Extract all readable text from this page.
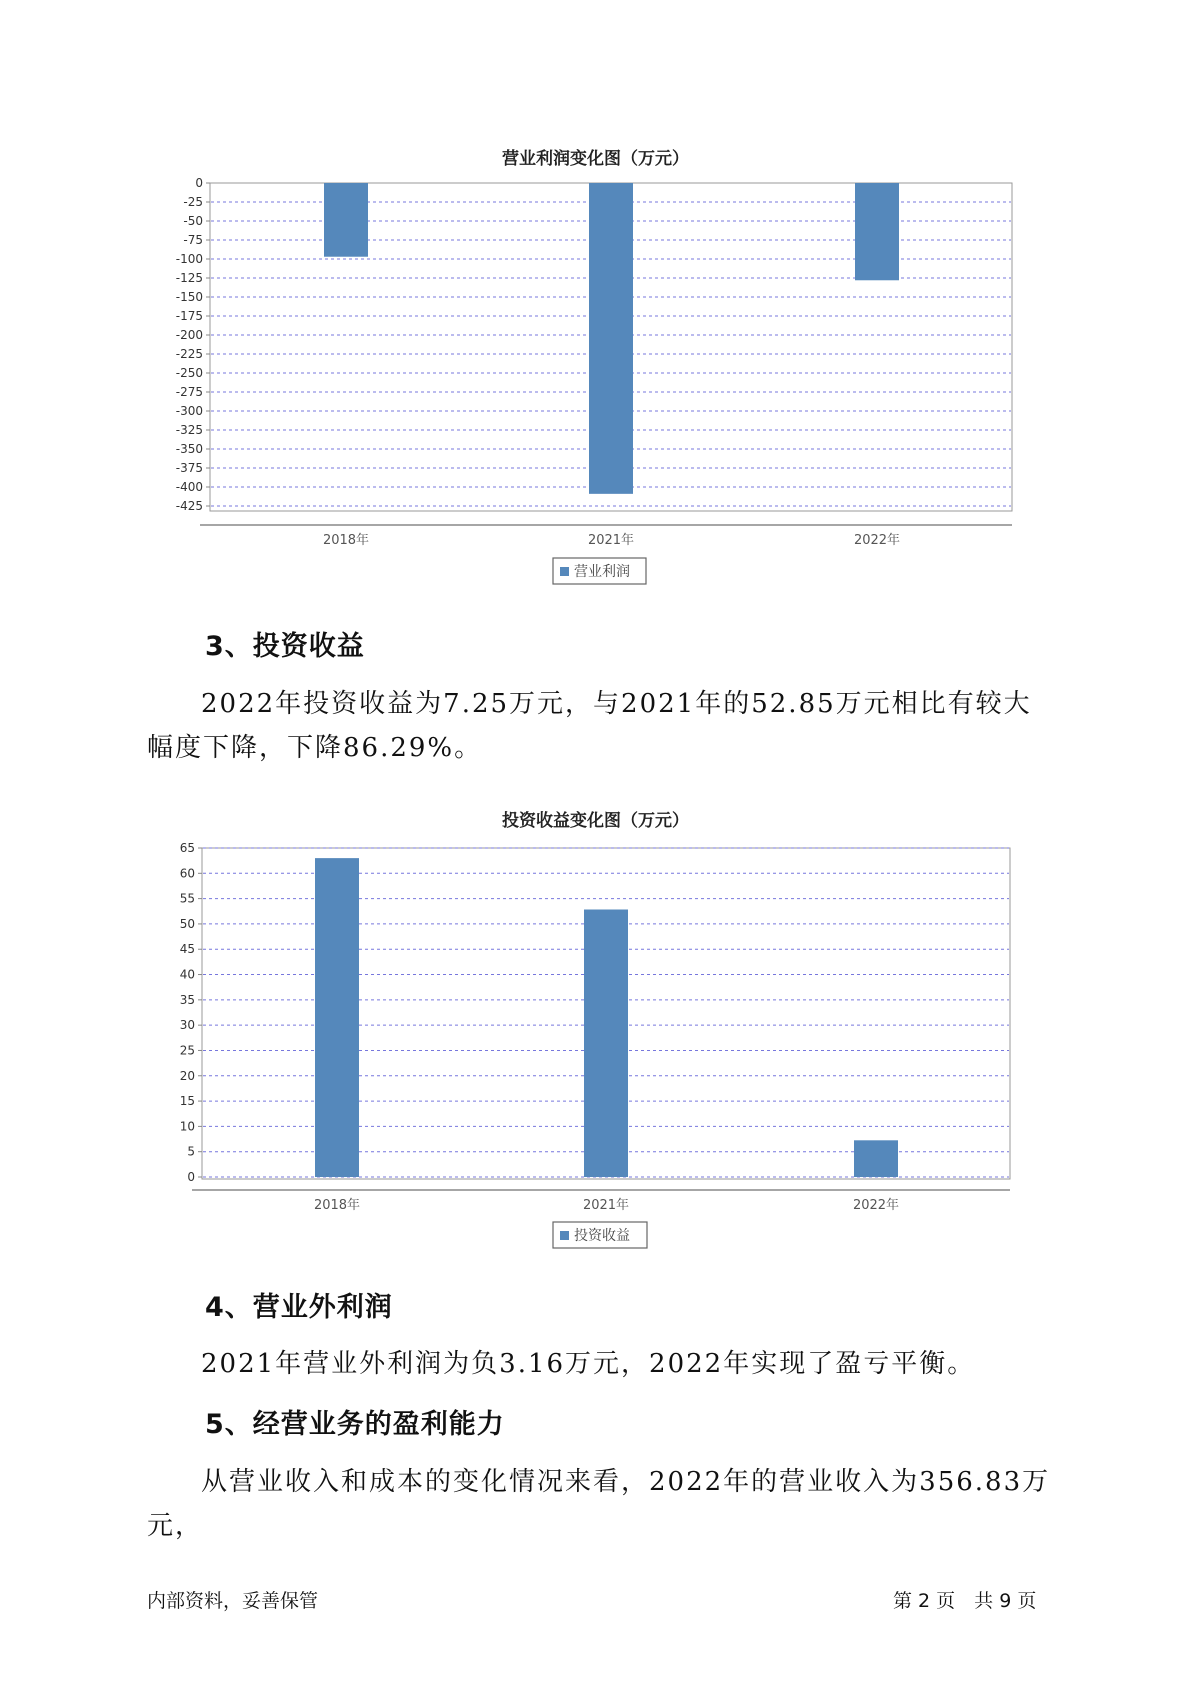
营业利润变化图（万元）
0
-25
-50
-75
-100
-125
-150
-175
-200
-225
-250
-275
-300
-325
-350
-375
-400
-425
2018年	2021年	2022年
营业利润
3、投资收益
2022年投资收益为7.25万元，与2021年的52.85万元相比有较大幅度下降，下降86.29%。
投资收益变化图（万元）
65
60
55
50
45
40
35
30
25
20
15
10
5
0
2018年	2021年	2022年
投资收益
4、营业外利润
2021年营业外利润为负3.16万元，2022年实现了盈亏平衡。
5、经营业务的盈利能力
从营业收入和成本的变化情况来看，2022年的营业收入为356.83万元，
内部资料，妥善保管	第 2 页　共 9 页
